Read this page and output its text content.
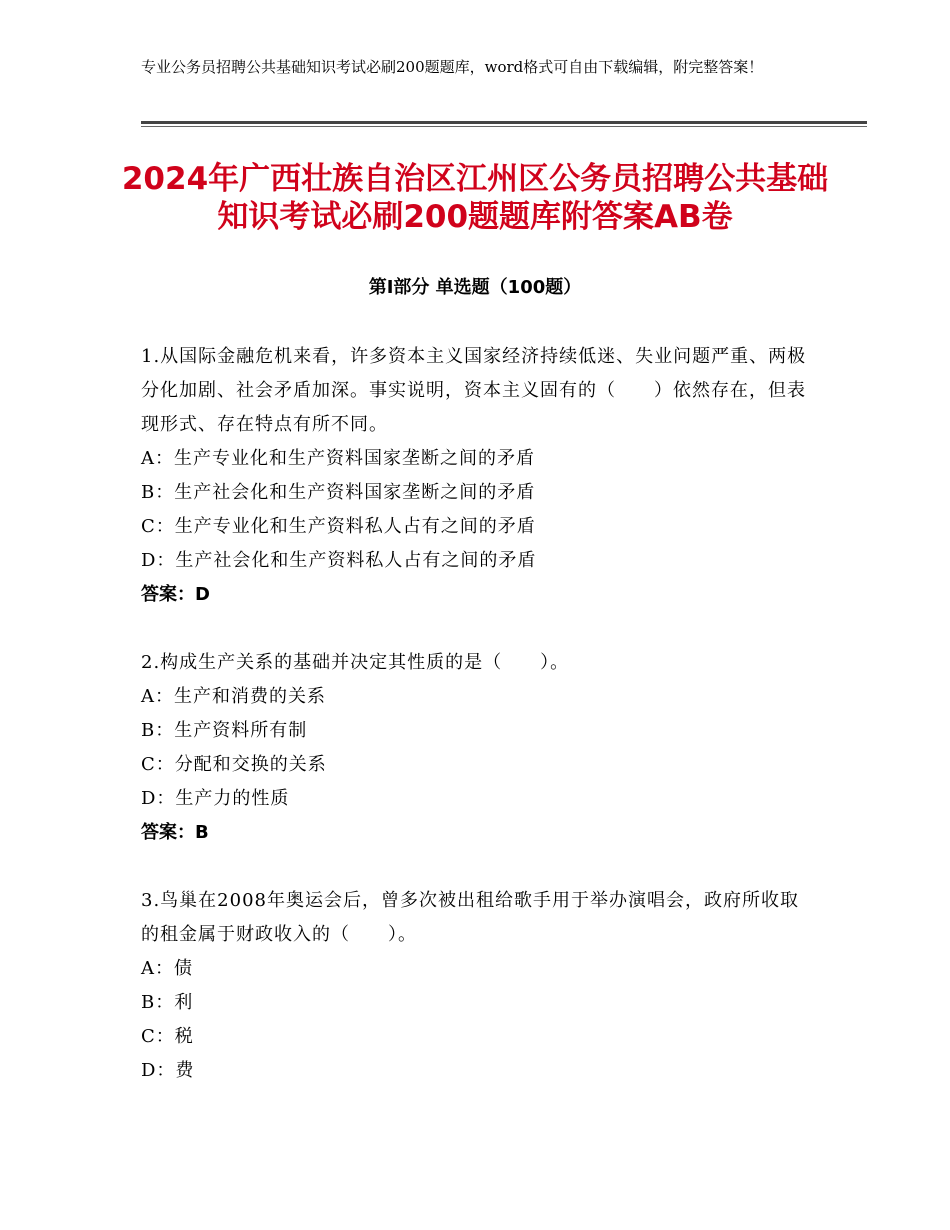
专业公务员招聘公共基础知识考试必刷200题题库，word格式可自由下载编辑，附完整答案！
2024年广西壮族自治区江州区公务员招聘公共基础知识考试必刷200题题库附答案AB卷
第Ⅰ部分 单选题（100题）
1.从国际金融危机来看，许多资本主义国家经济持续低迷、失业问题严重、两极分化加剧、社会矛盾加深。事实说明，资本主义固有的（　　）依然存在，但表现形式、存在特点有所不同。
A：生产专业化和生产资料国家垄断之间的矛盾
B：生产社会化和生产资料国家垄断之间的矛盾
C：生产专业化和生产资料私人占有之间的矛盾
D：生产社会化和生产资料私人占有之间的矛盾
答案：D
2.构成生产关系的基础并决定其性质的是（　　）。
A：生产和消费的关系
B：生产资料所有制
C：分配和交换的关系
D：生产力的性质
答案：B
3.鸟巢在2008年奥运会后，曾多次被出租给歌手用于举办演唱会，政府所收取的租金属于财政收入的（　　）。
A：债
B：利
C：税
D：费
